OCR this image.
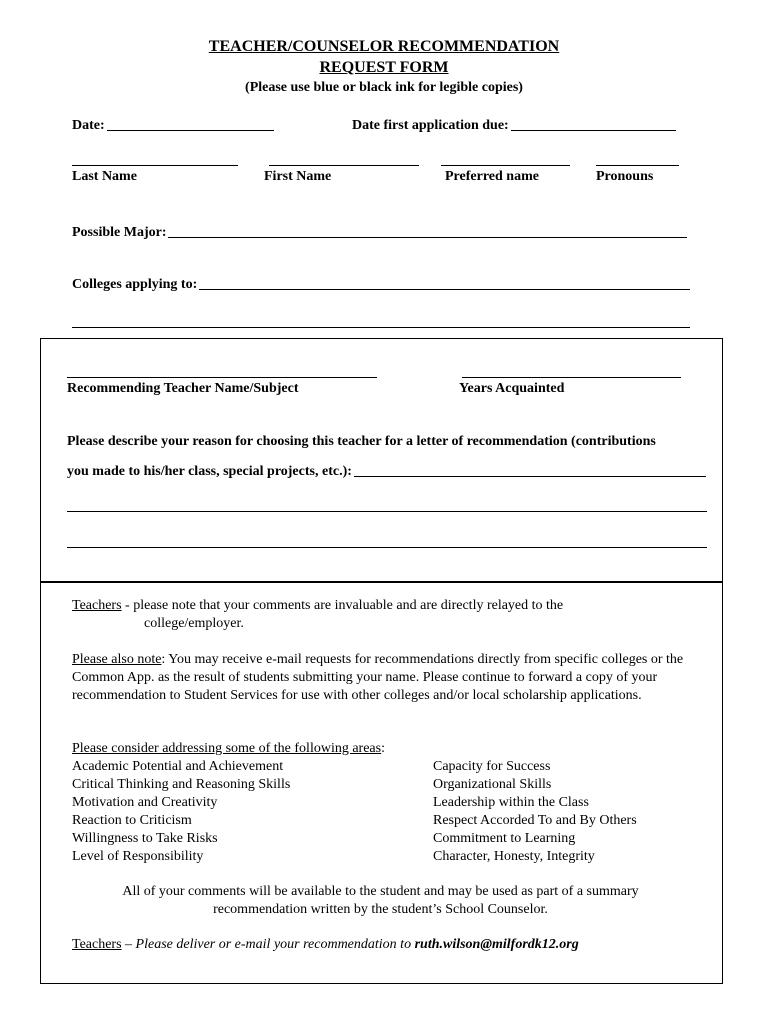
TEACHER/COUNSELOR RECOMMENDATION
REQUEST FORM
(Please use blue or black ink for legible copies)
Date:	Date first application due:
Last Name	First Name	Preferred name	Pronouns
Possible Major:
Colleges applying to:
Recommending Teacher Name/Subject	Years Acquainted
Please describe your reason for choosing this teacher for a letter of recommendation (contributions
you made to his/her class, special projects, etc.):
Teachers - please note that your comments are invaluable and are directly relayed to the
college/employer.
Please also note: You may receive e-mail requests for recommendations directly from specific colleges or the Common App. as the result of students submitting your name. Please continue to forward a copy of your recommendation to Student Services for use with other colleges and/or local scholarship applications.
Please consider addressing some of the following areas:
Academic Potential and Achievement
Critical Thinking and Reasoning Skills
Motivation and Creativity
Reaction to Criticism
Willingness to Take Risks
Level of Responsibility
Capacity for Success
Organizational Skills
Leadership within the Class
Respect Accorded To and By Others
Commitment to Learning
Character, Honesty, Integrity
All of your comments will be available to the student and may be used as part of a summary
recommendation written by the student’s School Counselor.
Teachers – Please deliver or e-mail your recommendation to ruth.wilson@milfordk12.org
